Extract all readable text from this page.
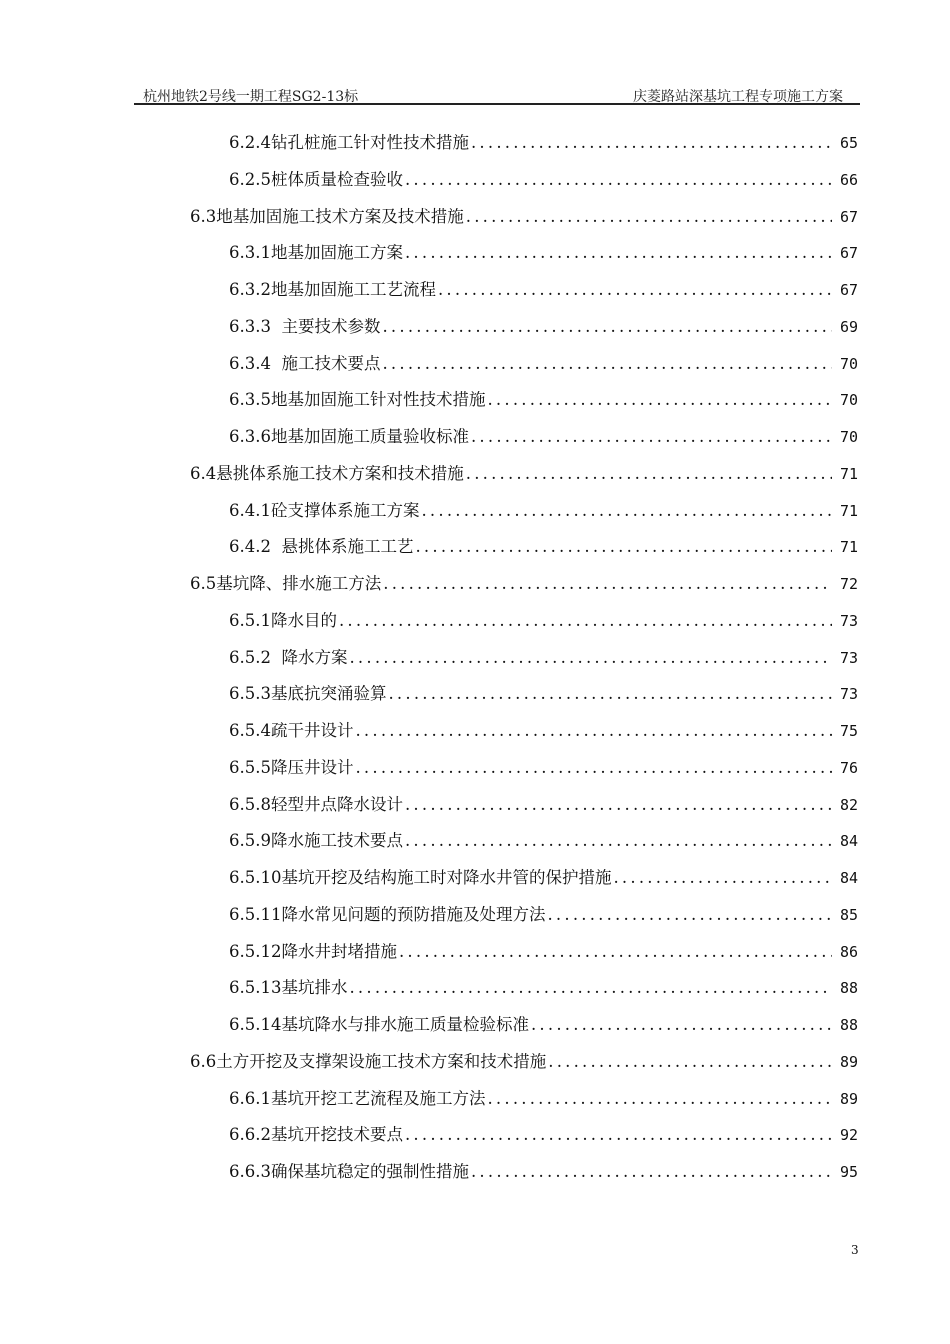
杭州地铁2号线一期工程SG2-13标	庆菱路站深基坑工程专项施工方案
6.2.4钻孔桩施工针对性技术措施 .....	65
6.2.5桩体质量检查验收 .....	66
6.3地基加固施工技术方案及技术措施 .....	67
6.3.1地基加固施工方案 .....	67
6.3.2地基加固施工工艺流程 .....	67
6.3.3  主要技术参数 .....	69
6.3.4  施工技术要点 .....	70
6.3.5地基加固施工针对性技术措施 .....	70
6.3.6地基加固施工质量验收标准 .....	70
6.4悬挑体系施工技术方案和技术措施 .....	71
6.4.1砼支撑体系施工方案 .....	71
6.4.2  悬挑体系施工工艺 .....	71
6.5基坑降、排水施工方法 .....	72
6.5.1降水目的 .....	73
6.5.2  降水方案 .....	73
6.5.3基底抗突涌验算 .....	73
6.5.4疏干井设计 .....	75
6.5.5降压井设计 .....	76
6.5.8轻型井点降水设计 .....	82
6.5.9降水施工技术要点 .....	84
6.5.10基坑开挖及结构施工时对降水井管的保护措施 .....	84
6.5.11降水常见问题的预防措施及处理方法 .....	85
6.5.12降水井封堵措施 .....	86
6.5.13基坑排水 .....	88
6.5.14基坑降水与排水施工质量检验标准 .....	88
6.6土方开挖及支撑架设施工技术方案和技术措施 .....	89
6.6.1基坑开挖工艺流程及施工方法 .....	89
6.6.2基坑开挖技术要点 .....	92
6.6.3确保基坑稳定的强制性措施 .....	95
3
